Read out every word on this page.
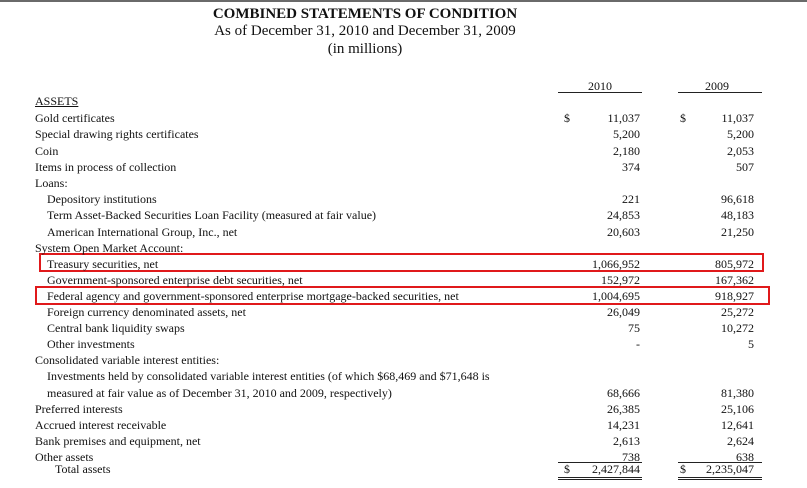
COMBINED STATEMENTS OF CONDITION
As of December 31, 2010 and December 31, 2009
(in millions)
2010	2009
ASSETS
Gold certificates	11,037	11,037
$	$
Special drawing rights certificates	5,200	5,200
Coin	2,180	2,053
Items in process of collection	374	507
Loans:
Depository institutions	221	96,618
Term Asset-Backed Securities Loan Facility (measured at fair value)	24,853	48,183
American International Group, Inc., net	20,603	21,250
System Open Market Account:
Treasury securities, net	1,066,952	805,972
Government-sponsored enterprise debt securities, net	152,972	167,362
Federal agency and government-sponsored enterprise mortgage-backed securities, net	1,004,695	918,927
Foreign currency denominated assets, net	26,049	25,272
Central bank liquidity swaps	75	10,272
Other investments	-	5
Consolidated variable interest entities:
Investments held by consolidated variable interest entities (of which $68,469 and $71,648 is
measured at fair value as of December 31, 2010 and 2009, respectively)	68,666	81,380
Preferred interests	26,385	25,106
Accrued interest receivable	14,231	12,641
Bank premises and equipment, net	2,613	2,624
Other assets	738	638
Total assets	2,427,844	2,235,047
$	$
